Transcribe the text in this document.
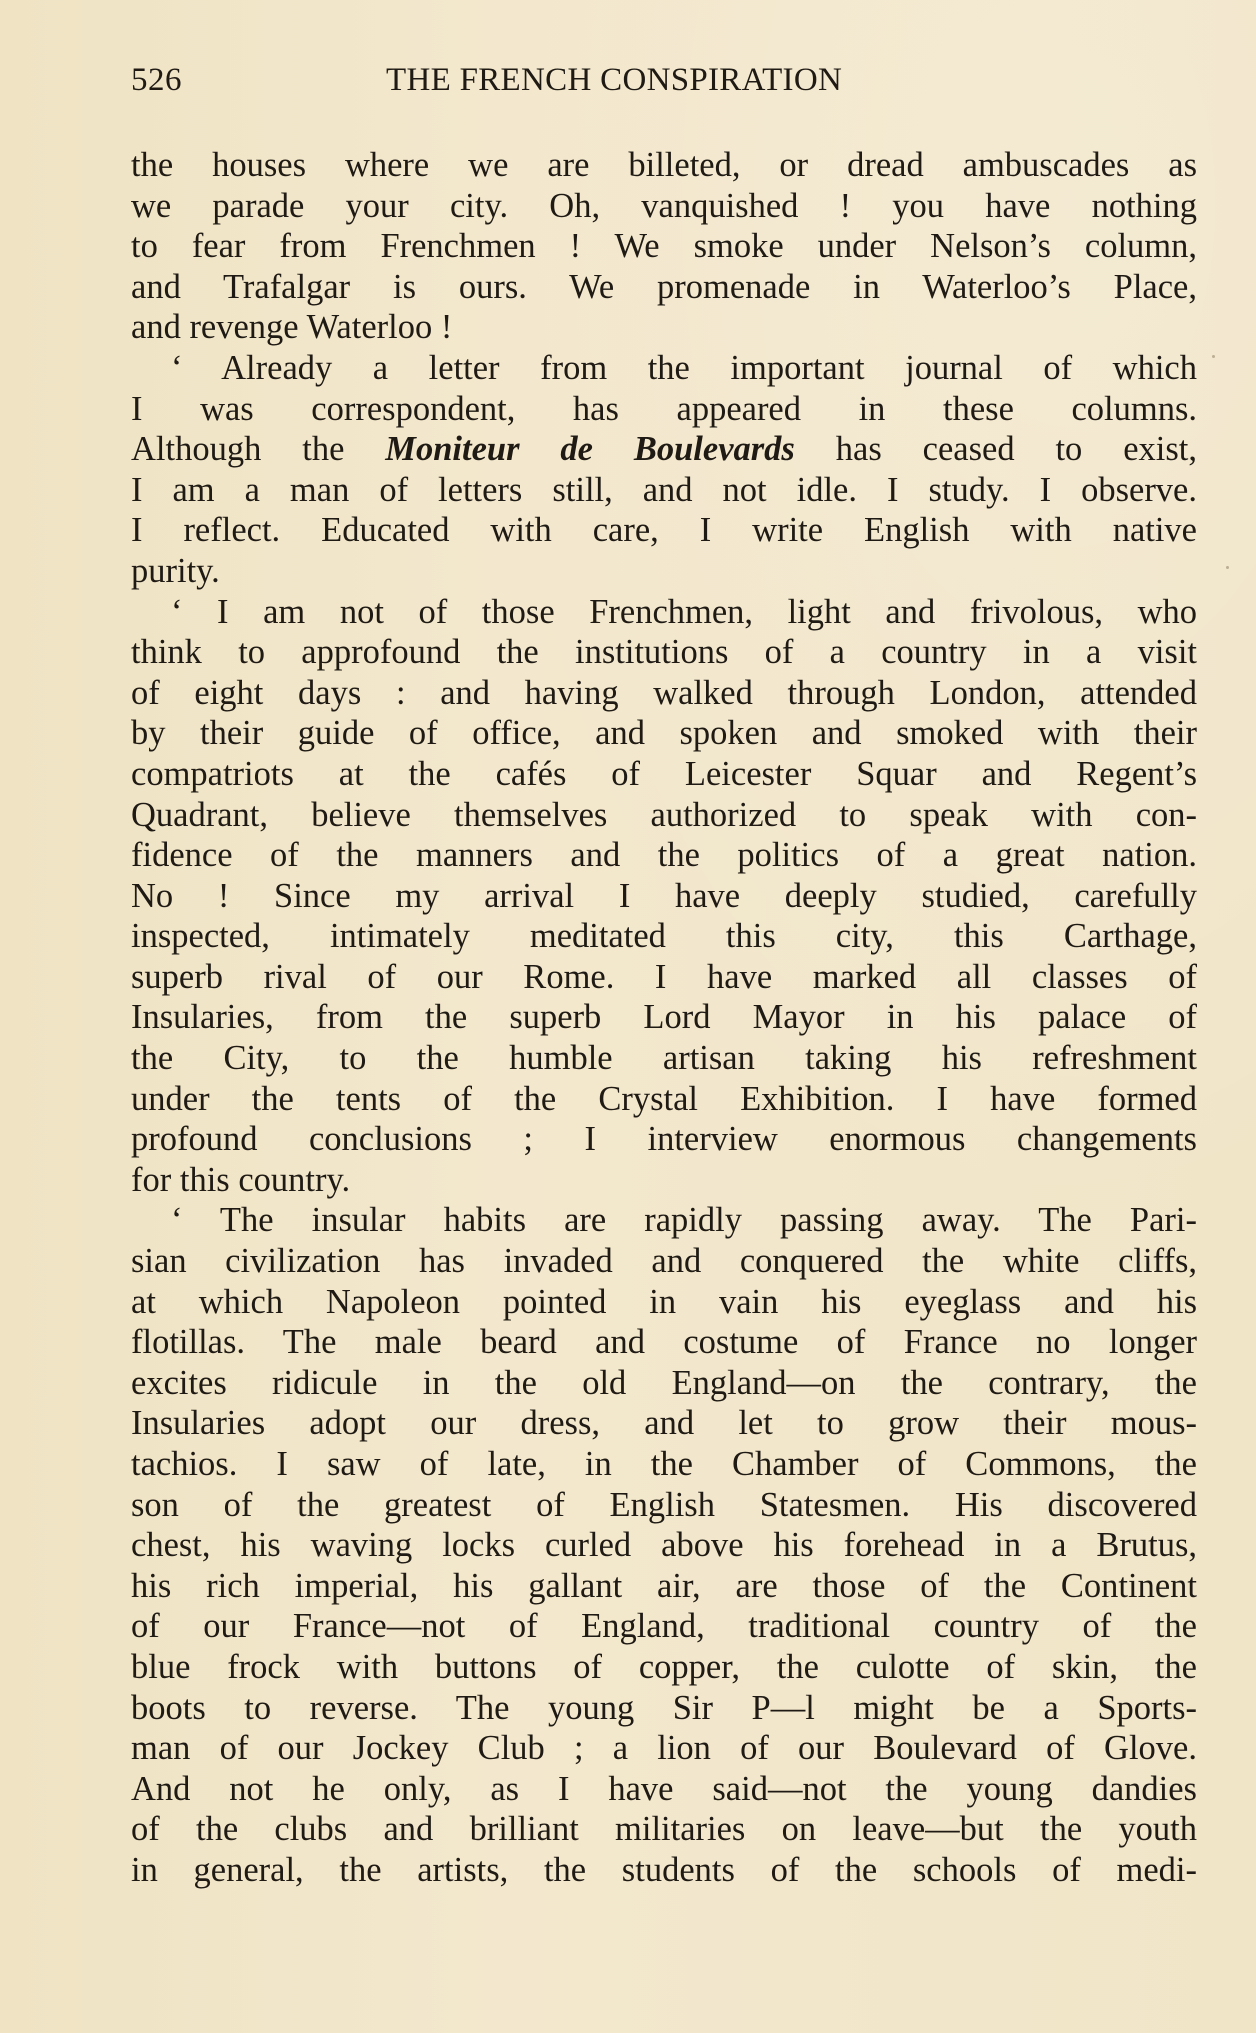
526	THE FRENCH CONSPIRATION
the houses where we are billeted, or dread ambuscades as
we parade your city. Oh, vanquished ! you have nothing
to fear from Frenchmen ! We smoke under Nelson’s column,
and Trafalgar is ours. We promenade in Waterloo’s Place,
and revenge Waterloo !
‘ Already a letter from the important journal of which
I was correspondent, has appeared in these columns.
Although the Moniteur de Boulevards has ceased to exist,
I am a man of letters still, and not idle. I study. I observe.
I reflect. Educated with care, I write English with native
purity.
‘ I am not of those Frenchmen, light and frivolous, who
think to approfound the institutions of a country in a visit
of eight days : and having walked through London, attended
by their guide of office, and spoken and smoked with their
compatriots at the cafés of Leicester Squar and Regent’s
Quadrant, believe themselves authorized to speak with con-
fidence of the manners and the politics of a great nation.
No ! Since my arrival I have deeply studied, carefully
inspected, intimately meditated this city, this Carthage,
superb rival of our Rome. I have marked all classes of
Insularies, from the superb Lord Mayor in his palace of
the City, to the humble artisan taking his refreshment
under the tents of the Crystal Exhibition. I have formed
profound conclusions ; I interview enormous changements
for this country.
‘ The insular habits are rapidly passing away. The Pari-
sian civilization has invaded and conquered the white cliffs,
at which Napoleon pointed in vain his eyeglass and his
flotillas. The male beard and costume of France no longer
excites ridicule in the old England—on the contrary, the
Insularies adopt our dress, and let to grow their mous-
tachios. I saw of late, in the Chamber of Commons, the
son of the greatest of English Statesmen. His discovered
chest, his waving locks curled above his forehead in a Brutus,
his rich imperial, his gallant air, are those of the Continent
of our France—not of England, traditional country of the
blue frock with buttons of copper, the culotte of skin, the
boots to reverse. The young Sir P—l might be a Sports-
man of our Jockey Club ; a lion of our Boulevard of Glove.
And not he only, as I have said—not the young dandies
of the clubs and brilliant militaries on leave—but the youth
in general, the artists, the students of the schools of medi-
